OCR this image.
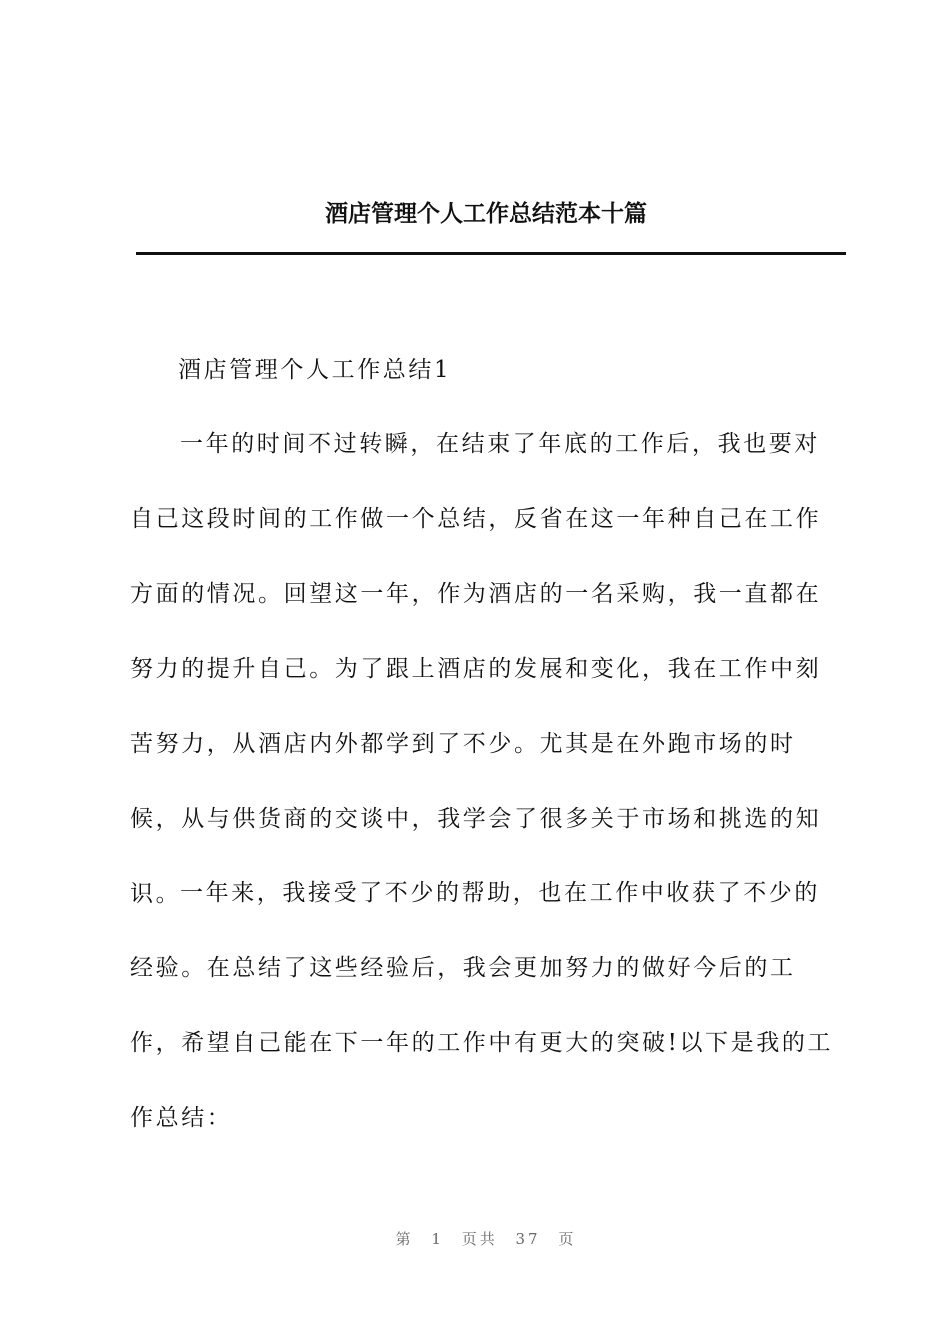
酒店管理个人工作总结范本十篇
酒店管理个人工作总结1
一年的时间不过转瞬，在结束了年底的工作后，我也要对自己这段时间的工作做一个总结，反省在这一年种自己在工作方面的情况。回望这一年，作为酒店的一名采购，我一直都在努力的提升自己。为了跟上酒店的发展和变化，我在工作中刻苦努力，从酒店内外都学到了不少。尤其是在外跑市场的时候，从与供货商的交谈中，我学会了很多关于市场和挑选的知识。
一年来，我接受了不少的帮助，也在工作中收获了不少的经验。在总结了这些经验后，我会更加努力的做好今后的工作，希望自己能在下一年的工作中有更大的突破!以下是我的工作总结：
第 1 页共 37 页
